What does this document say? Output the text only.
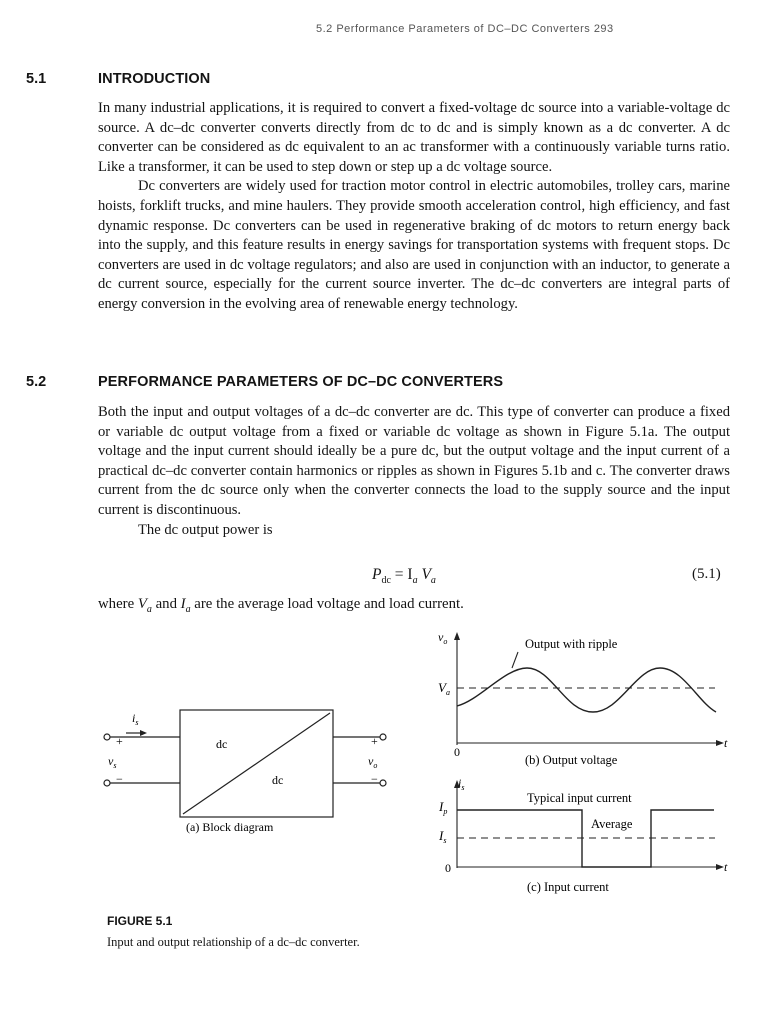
5.2 Performance Parameters of DC–DC Converters 293
5.1	INTRODUCTION

In many industrial applications, it is required to convert a fixed-voltage dc source into a variable-voltage dc source. A dc–dc converter converts directly from dc to dc and is simply known as a dc converter. A dc converter can be considered as dc equivalent to an ac transformer with a continuously variable turns ratio. Like a transformer, it can be used to step down or step up a dc voltage source.

Dc converters are widely used for traction motor control in electric automobiles, trolley cars, marine hoists, forklift trucks, and mine haulers. They provide smooth acceleration control, high efficiency, and fast dynamic response. Dc converters can be used in regenerative braking of dc motors to return energy back into the supply, and this feature results in energy savings for transportation systems with frequent stops. Dc converters are used in dc voltage regulators; and also are used in conjunction with an inductor, to generate a dc current source, especially for the current source inverter. The dc–dc converters are integral parts of energy conversion in the evolving area of renewable energy technology.

5.2	PERFORMANCE PARAMETERS OF DC–DC CONVERTERS

Both the input and output voltages of a dc–dc converter are dc. This type of converter can produce a fixed or variable dc output voltage from a fixed or variable dc voltage as shown in Figure 5.1a. The output voltage and the input current should ideally be a pure dc, but the output voltage and the input current of a practical dc–dc converter contain harmonics or ripples as shown in Figures 5.1b and c. The converter draws current from the dc source only when the converter connects the load to the supply source and the input current is discontinuous.

The dc output power is

$P_{dc} = I_a$ $V_a$	(5.1)
where $V_a$ and $I_a$ are the average load voltage and load current.
$i_s$
+
$v_s$
−
+
$v_o$
−
dc
dc
(a) Block diagram
$v_o$
$V_a$
Output with ripple
0
t
(b) Output voltage
$i_s$
$I_p$
$I_s$
Typical input current
Average
0	t
(c) Input current
FIGURE 5.1
Input and output relationship of a dc–dc converter.
